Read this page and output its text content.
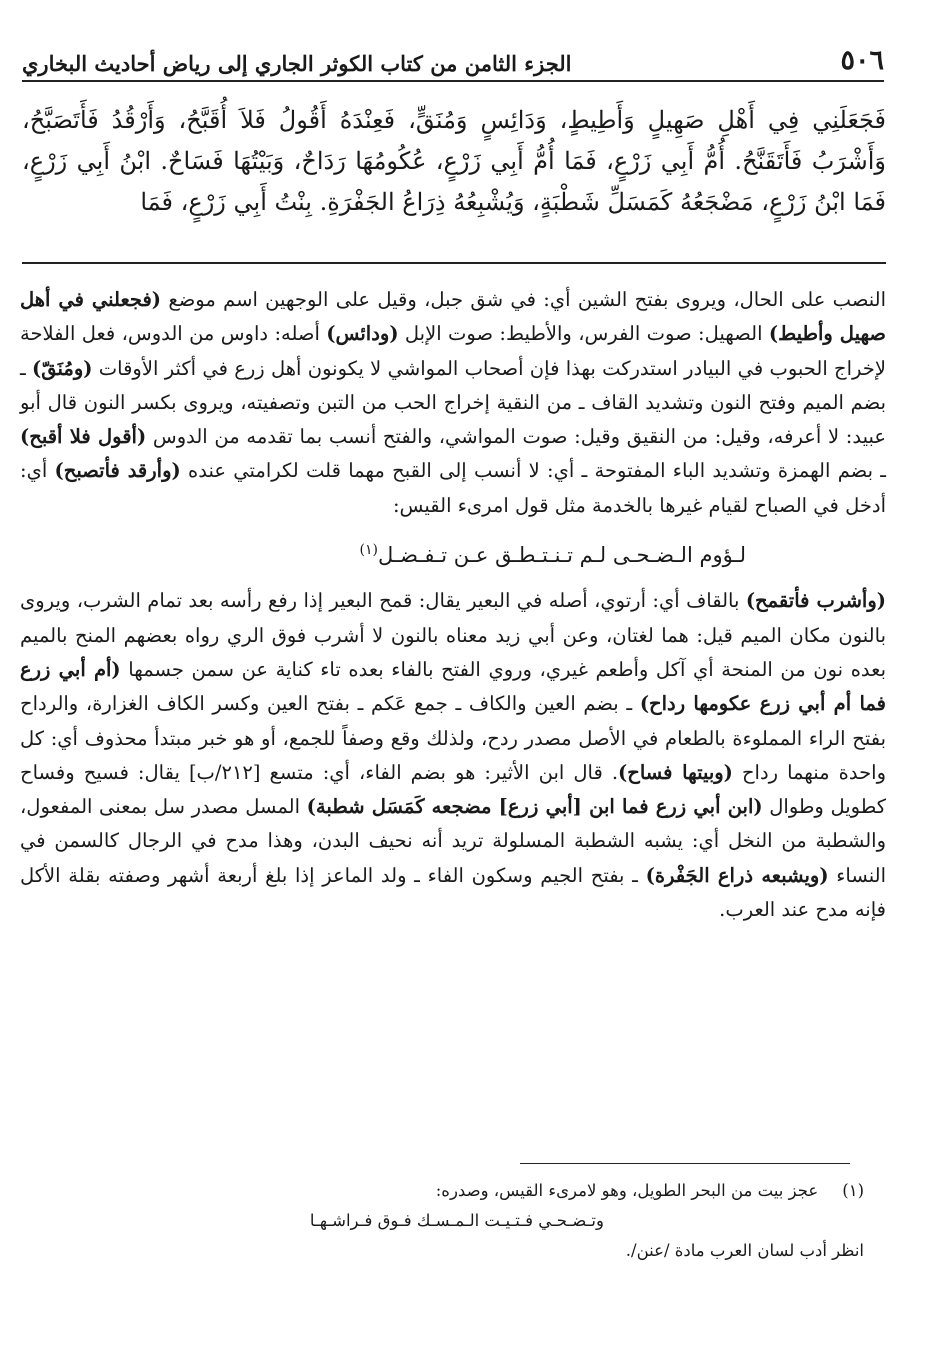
٥٠٦
الجزء الثامن من كتاب الكوثر الجاري إلى رياض أحاديث البخاري
فَجَعَلَنِي فِي أَهْلِ صَهِيلٍ وَأَطِيطٍ، وَدَائِسٍ وَمُنَقٍّ، فَعِنْدَهُ أَقُولُ فَلاَ أُقَبَّحُ، وَأَرْقُدُ فَأَتَصَبَّحُ، وَأَشْرَبُ فَأَتَقَنَّحُ. أُمُّ أَبِي زَرْعٍ، فَمَا أُمُّ أَبِي زَرْعٍ، عُكُومُهَا رَدَاحٌ، وَبَيْتُهَا فَسَاحٌ. ابْنُ أَبِي زَرْعٍ، فَمَا ابْنُ زَرْعٍ، مَضْجَعُهُ كَمَسَلِّ شَطْبَةٍ، وَيُشْبِعُهُ ذِرَاعُ الجَفْرَةِ. بِنْتُ أَبِي زَرْعٍ، فَمَا

النصب على الحال، ويروى بفتح الشين أي: في شق جبل، وقيل على الوجهين اسم موضع (فجعلني في أهل صهيل وأطيط) الصهيل: صوت الفرس، والأطيط: صوت الإبل (ودائس) أصله: داوس من الدوس، فعل الفلاحة لإخراج الحبوب في البيادر استدركت بهذا فإن أصحاب المواشي لا يكونون أهل زرع في أكثر الأوقات (ومُنَقّ) ـ بضم الميم وفتح النون وتشديد القاف ـ من النقية إخراج الحب من التبن وتصفيته، ويروى بكسر النون قال أبو عبيد: لا أعرفه، وقيل: من النقيق وقيل: صوت المواشي، والفتح أنسب بما تقدمه من الدوس (أقول فلا أقبح) ـ بضم الهمزة وتشديد الباء المفتوحة ـ أي: لا أنسب إلى القبح مهما قلت لكرامتي عنده (وأرقد فأتصبح) أي: أدخل في الصباح لقيام غيرها بالخدمة مثل قول امرىء القيس:

لـؤوم الـضـحـى لـم تـنـتـطـق عـن تـفـضـل$^{(١)}$

(وأشرب فأتقمح) بالقاف أي: أرتوي، أصله في البعير يقال: قمح البعير إذا رفع رأسه بعد تمام الشرب، ويروى بالنون مكان الميم قيل: هما لغتان، وعن أبي زيد معناه بالنون لا أشرب فوق الري رواه بعضهم المنح بالميم بعده نون من المنحة أي آكل وأطعم غيري، وروي الفتح بالفاء بعده تاء كناية عن سمن جسمها (أم أبي زرع فما أم أبي زرع عكومها رداح) ـ بضم العين والكاف ـ جمع عَكم ـ بفتح العين وكسر الكاف الغزارة، والرداح بفتح الراء المملوءة بالطعام في الأصل مصدر ردح، ولذلك وقع وصفاً للجمع، أو هو خبر مبتدأ محذوف أي: كل واحدة منهما رداح (وبيتها فساح). قال ابن الأثير: هو بضم الفاء، أي: متسع [٢١٢/ب] يقال: فسيح وفساح كطويل وطوال (ابن أبي زرع فما ابن [أبي زرع] مضجعه كَمَسَل شطبة) المسل مصدر سل بمعنى المفعول، والشطبة من النخل أي: يشبه الشطبة المسلولة تريد أنه نحيف البدن، وهذا مدح في الرجال كالسمن في النساء (ويشبعه ذراع الجَفْرة) ـ بفتح الجيم وسكون الفاء ـ ولد الماعز إذا بلغ أربعة أشهر وصفته بقلة الأكل فإنه مدح عند العرب.

(١)عجز بيت من البحر الطويل، وهو لامرىء القيس، وصدره:

وتـضـحـي فـتـيـت الـمـسـك فـوق فـراشـهـا

انظر أدب لسان العرب مادة /عنن/.
